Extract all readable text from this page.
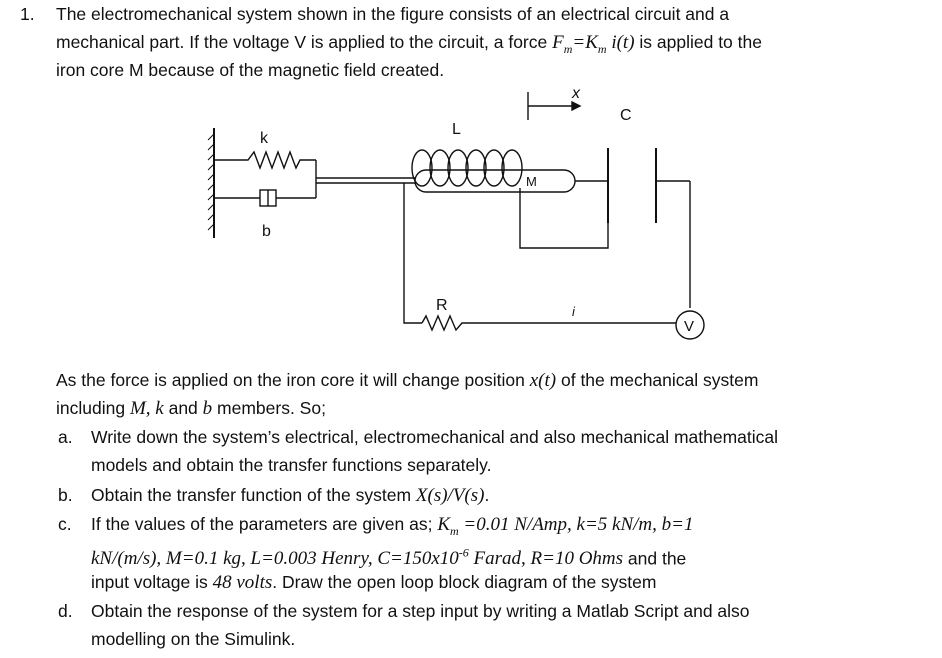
1. The electromechanical system shown in the figure consists of an electrical circuit and a
mechanical part. If the voltage V is applied to the circuit, a force $F_m=K_m$ i(t) is applied to the
iron core M because of the magnetic field created.
k
b
L
M
x
C
R	i
V
As the force is applied on the iron core it will change position x(t) of the mechanical system
including M, k and b members. So;
a. Write down the system’s electrical, electromechanical and also mechanical mathematical
models and obtain the transfer functions separately.
b. Obtain the transfer function of the system X(s)/V(s).
c. If the values of the parameters are given as; $K_m =0.01$ N/Amp, k=5 kN/m, b=1
kN/(m/s), M=0.1 kg, L=0.003 Henry, $C=150x10^{-6}$ Farad, R=10 Ohms and the
input voltage is 48 volts. Draw the open loop block diagram of the system
d. Obtain the response of the system for a step input by writing a Matlab Script and also
modelling on the Simulink.
